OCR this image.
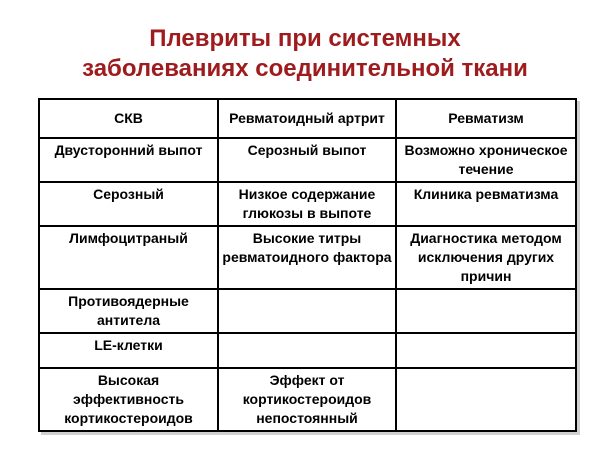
Плевриты при системных
заболеваниях соединительной ткани
СКВ	Ревматоидный артрит	Ревматизм
Двусторонний выпот	Серозный выпот	Возможно хроническое течение
Серозный	Низкое содержание глюкозы в выпоте	Клиника ревматизма
Лимфоцитраный	Высокие титры ревматоидного фактора	Диагностика методом исключения других причин
Противоядерные антитела		
LE-клетки		
Высокая эффективность кортикостероидов	Эффект от кортикостероидов непостоянный	
